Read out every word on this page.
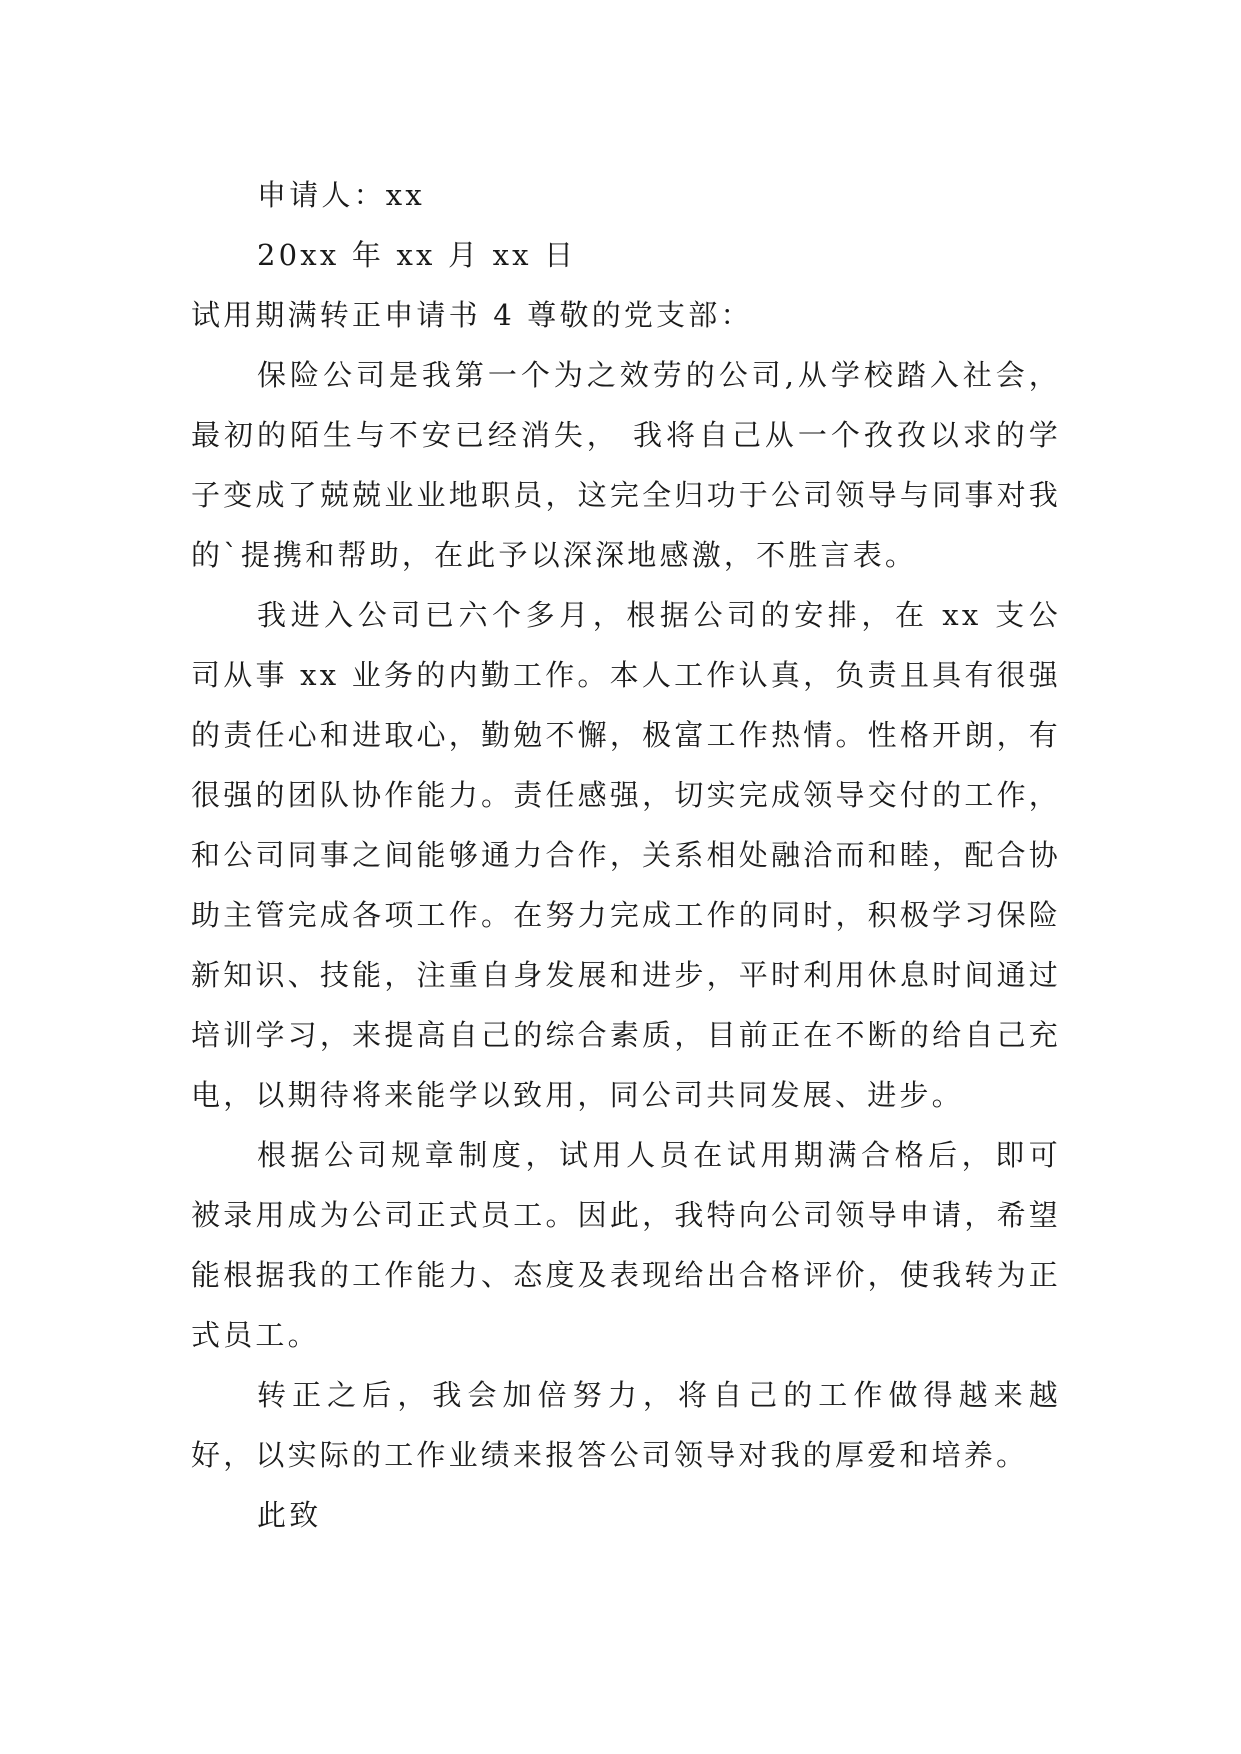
申请人：xx
20xx 年 xx 月 xx 日
试用期满转正申请书 4 尊敬的党支部：

保险公司是我第一个为之效劳的公司,从学校踏入社会，最初的陌生与不安已经消失， 我将自己从一个孜孜以求的学子变成了兢兢业业地职员，这完全归功于公司领导与同事对我的`提携和帮助，在此予以深深地感激，不胜言表。

我进入公司已六个多月，根据公司的安排，在 xx 支公司从事 xx 业务的内勤工作。本人工作认真，负责且具有很强的责任心和进取心，勤勉不懈，极富工作热情。性格开朗，有很强的团队协作能力。责任感强，切实完成领导交付的工作，和公司同事之间能够通力合作，关系相处融洽而和睦，配合协助主管完成各项工作。在努力完成工作的同时，积极学习保险新知识、技能，注重自身发展和进步，平时利用休息时间通过培训学习，来提高自己的综合素质，目前正在不断的给自己充电，以期待将来能学以致用，同公司共同发展、进步。

根据公司规章制度，试用人员在试用期满合格后，即可被录用成为公司正式员工。因此，我特向公司领导申请，希望能根据我的工作能力、态度及表现给出合格评价，使我转为正式员工。

转正之后，我会加倍努力，将自己的工作做得越来越好，以实际的工作业绩来报答公司领导对我的厚爱和培养。

此致
